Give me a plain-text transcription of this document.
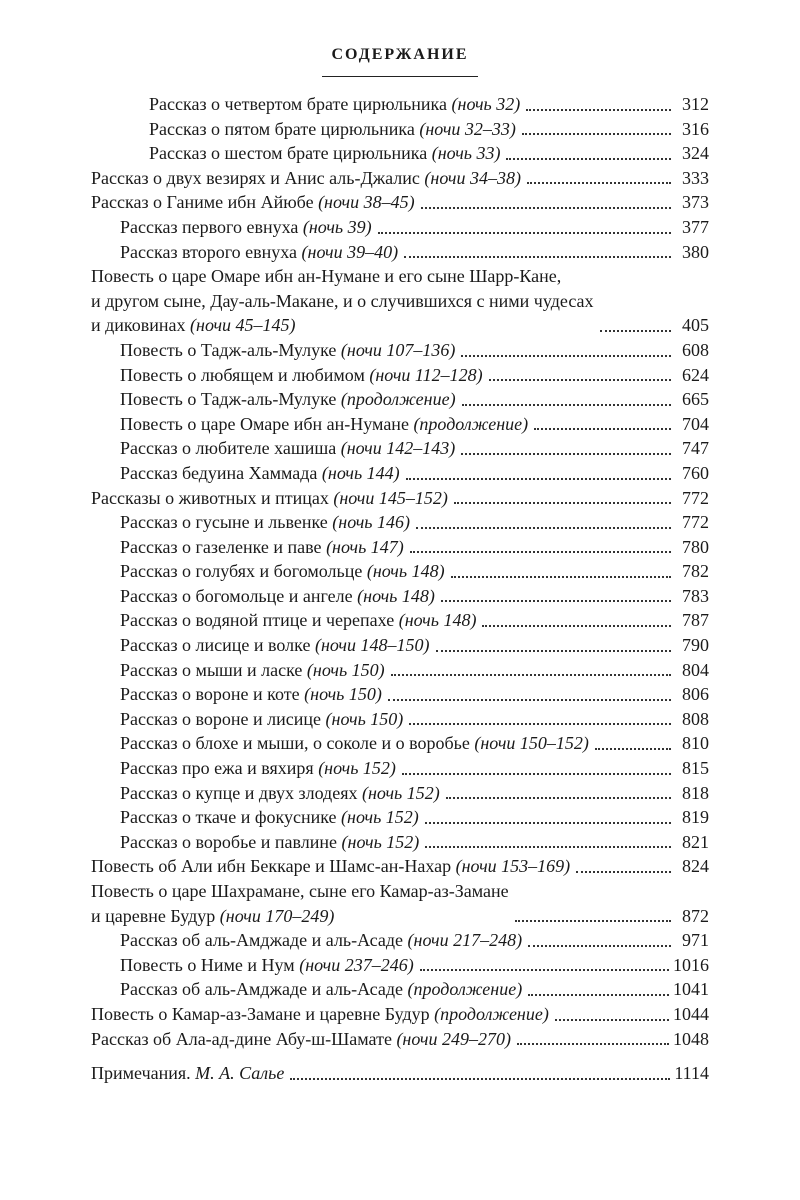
СОДЕРЖАНИЕ
Рассказ о четвертом брате цирюльника (ночь 32)	312
Рассказ о пятом брате цирюльника (ночи 32–33)	316
Рассказ о шестом брате цирюльника (ночь 33)	324
Рассказ о двух везирях и Анис аль-Джалис (ночи 34–38)	333
Рассказ о Ганиме ибн Айюбе (ночи 38–45)	373
Рассказ первого евнуха (ночь 39)	377
Рассказ второго евнуха (ночи 39–40)	380
Повесть о царе Омаре ибн ан-Нумане и его сыне Шарр-Кане,
и другом сыне, Дау-аль-Макане, и о случившихся с ними чудесах
и диковинах (ночи 45–145)	405
Повесть о Тадж-аль-Мулуке (ночи 107–136)	608
Повесть о любящем и любимом (ночи 112–128)	624
Повесть о Тадж-аль-Мулуке (продолжение)	665
Повесть о царе Омаре ибн ан-Нумане (продолжение)	704
Рассказ о любителе хашиша (ночи 142–143)	747
Рассказ бедуина Хаммада (ночь 144)	760
Рассказы о животных и птицах (ночи 145–152)	772
Рассказ о гусыне и львенке (ночь 146)	772
Рассказ о газеленке и паве (ночь 147)	780
Рассказ о голубях и богомольце (ночь 148)	782
Рассказ о богомольце и ангеле (ночь 148)	783
Рассказ о водяной птице и черепахе (ночь 148)	787
Рассказ о лисице и волке (ночи 148–150)	790
Рассказ о мыши и ласке (ночь 150)	804
Рассказ о вороне и коте (ночь 150)	806
Рассказ о вороне и лисице (ночь 150)	808
Рассказ о блохе и мыши, о соколе и о воробье (ночи 150–152)	810
Рассказ про ежа и вяхиря (ночь 152)	815
Рассказ о купце и двух злодеях (ночь 152)	818
Рассказ о ткаче и фокуснике (ночь 152)	819
Рассказ о воробье и павлине (ночь 152)	821
Повесть об Али ибн Беккаре и Шамс-ан-Нахар (ночи 153–169)	824
Повесть о царе Шахрамане, сыне его Камар-аз-Замане
и царевне Будур (ночи 170–249)	872
Рассказ об аль-Амджаде и аль-Асаде (ночи 217–248)	971
Повесть о Ниме и Нум (ночи 237–246)	1016
Рассказ об аль-Амджаде и аль-Асаде (продолжение)	1041
Повесть о Камар-аз-Замане и царевне Будур (продолжение)	1044
Рассказ об Ала-ад-дине Абу-ш-Шамате (ночи 249–270)	1048
Примечания. М. А. Салье	1114
